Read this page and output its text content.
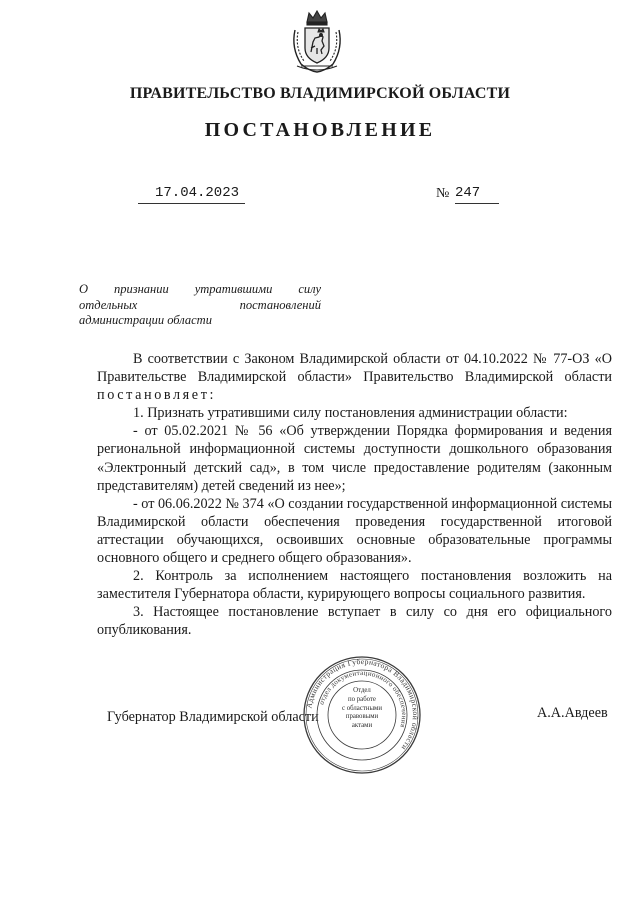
ПРАВИТЕЛЬСТВО ВЛАДИМИРСКОЙ ОБЛАСТИ
ПОСТАНОВЛЕНИЕ
17.04.2023	№ 247
О признании утратившими силу
отдельных постановлений
администрации области

В соответствии с Законом Владимирской области от 04.10.2022 № 77-ОЗ «О Правительстве Владимирской области» Правительство Владимирской области постановляет:

1. Признать утратившими силу постановления администрации области:

- от 05.02.2021 № 56 «Об утверждении Порядка формирования и ведения региональной информационной системы доступности дошкольного образования «Электронный детский сад», в том числе предоставление родителям (законным представителям) детей сведений из нее»;

- от 06.06.2022 № 374 «О создании государственной информационной системы Владимирской области обеспечения проведения государственной итоговой аттестации обучающихся, освоивших основные образовательные программы основного общего и среднего общего образования».

2. Контроль за исполнением настоящего постановления возложить на заместителя Губернатора области, курирующего вопросы социального развития.

3. Настоящее постановление вступает в силу со дня его официального опубликования.

Губернатор Владимирской области	А.А.Авдеев
Администрация Губернатора Владимирской области
отдел документационного обеспечения
Отдел
по работе
с областными
правовыми
актами
